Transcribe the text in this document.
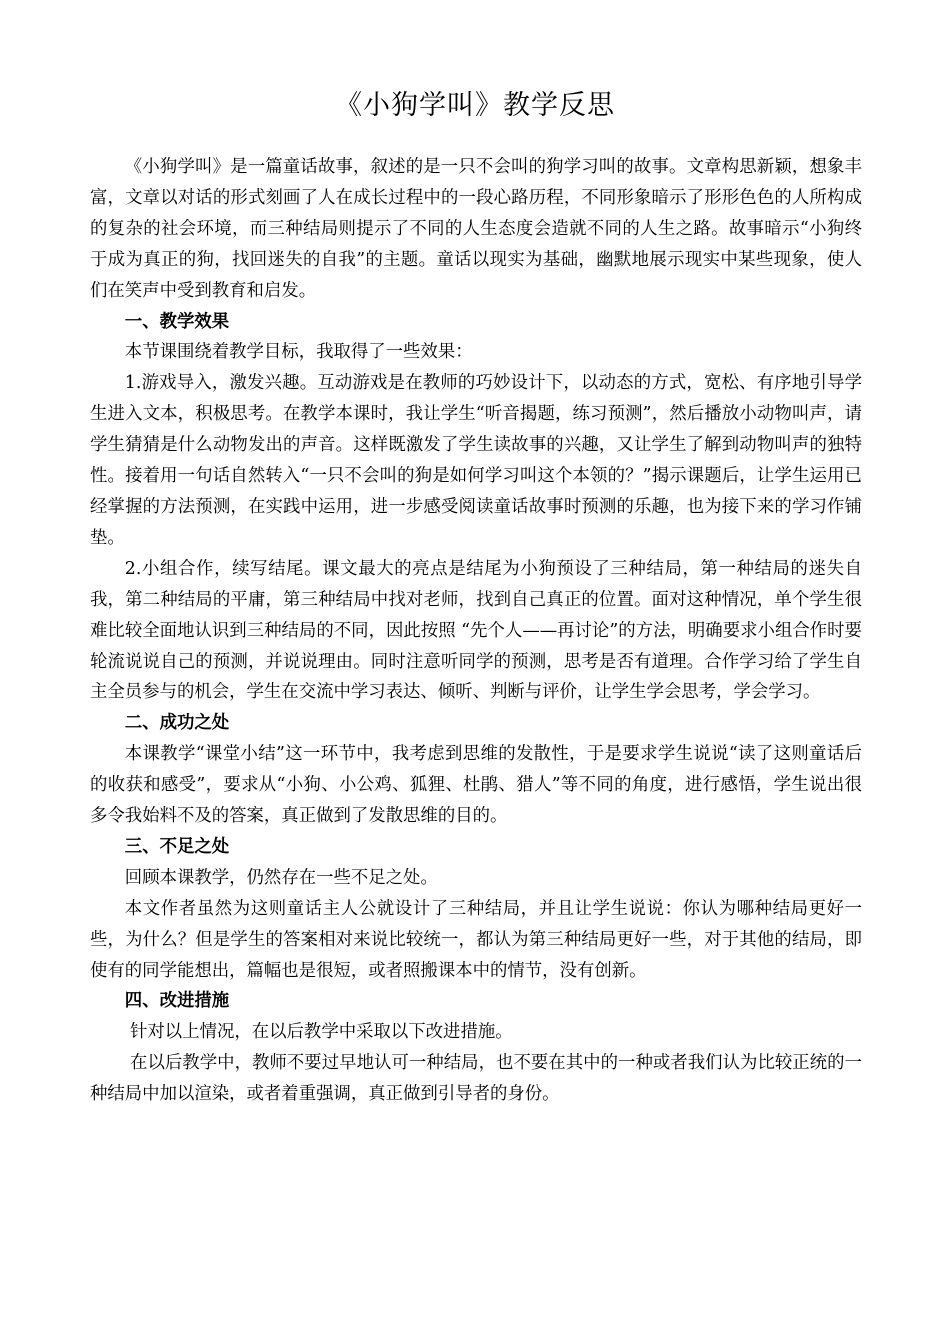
《小狗学叫》教学反思

《小狗学叫》是一篇童话故事，叙述的是一只不会叫的狗学习叫的故事。文章构思新颖，想象丰富，文章以对话的形式刻画了人在成长过程中的一段心路历程，不同形象暗示了形形色色的人所构成的复杂的社会环境，而三种结局则提示了不同的人生态度会造就不同的人生之路。故事暗示“小狗终于成为真正的狗，找回迷失的自我”的主题。童话以现实为基础，幽默地展示现实中某些现象，使人们在笑声中受到教育和启发。

一、教学效果

本节课围绕着教学目标，我取得了一些效果：

1.游戏导入，激发兴趣。互动游戏是在教师的巧妙设计下，以动态的方式，宽松、有序地引导学生进入文本，积极思考。在教学本课时，我让学生“听音揭题，练习预测”，然后播放小动物叫声，请学生猜猜是什么动物发出的声音。这样既激发了学生读故事的兴趣，又让学生了解到动物叫声的独特性。接着用一句话自然转入“一只不会叫的狗是如何学习叫这个本领的？”揭示课题后，让学生运用已经掌握的方法预测，在实践中运用，进一步感受阅读童话故事时预测的乐趣，也为接下来的学习作铺垫。

2.小组合作，续写结尾。课文最大的亮点是结尾为小狗预设了三种结局，第一种结局的迷失自我，第二种结局的平庸，第三种结局中找对老师，找到自己真正的位置。面对这种情况，单个学生很难比较全面地认识到三种结局的不同，因此按照 “先个人——再讨论”的方法，明确要求小组合作时要轮流说说自己的预测，并说说理由。同时注意听同学的预测，思考是否有道理。合作学习给了学生自主全员参与的机会，学生在交流中学习表达、倾听、判断与评价，让学生学会思考，学会学习。

二、成功之处

本课教学“课堂小结”这一环节中，我考虑到思维的发散性，于是要求学生说说“读了这则童话后的收获和感受”，要求从“小狗、小公鸡、狐狸、杜鹃、猎人”等不同的角度，进行感悟，学生说出很多令我始料不及的答案，真正做到了发散思维的目的。

三、不足之处

回顾本课教学，仍然存在一些不足之处。

本文作者虽然为这则童话主人公就设计了三种结局，并且让学生说说：你认为哪种结局更好一些，为什么？但是学生的答案相对来说比较统一，都认为第三种结局更好一些，对于其他的结局，即使有的同学能想出，篇幅也是很短，或者照搬课本中的情节，没有创新。

四、改进措施

针对以上情况，在以后教学中采取以下改进措施。

在以后教学中，教师不要过早地认可一种结局，也不要在其中的一种或者我们认为比较正统的一种结局中加以渲染，或者着重强调，真正做到引导者的身份。
